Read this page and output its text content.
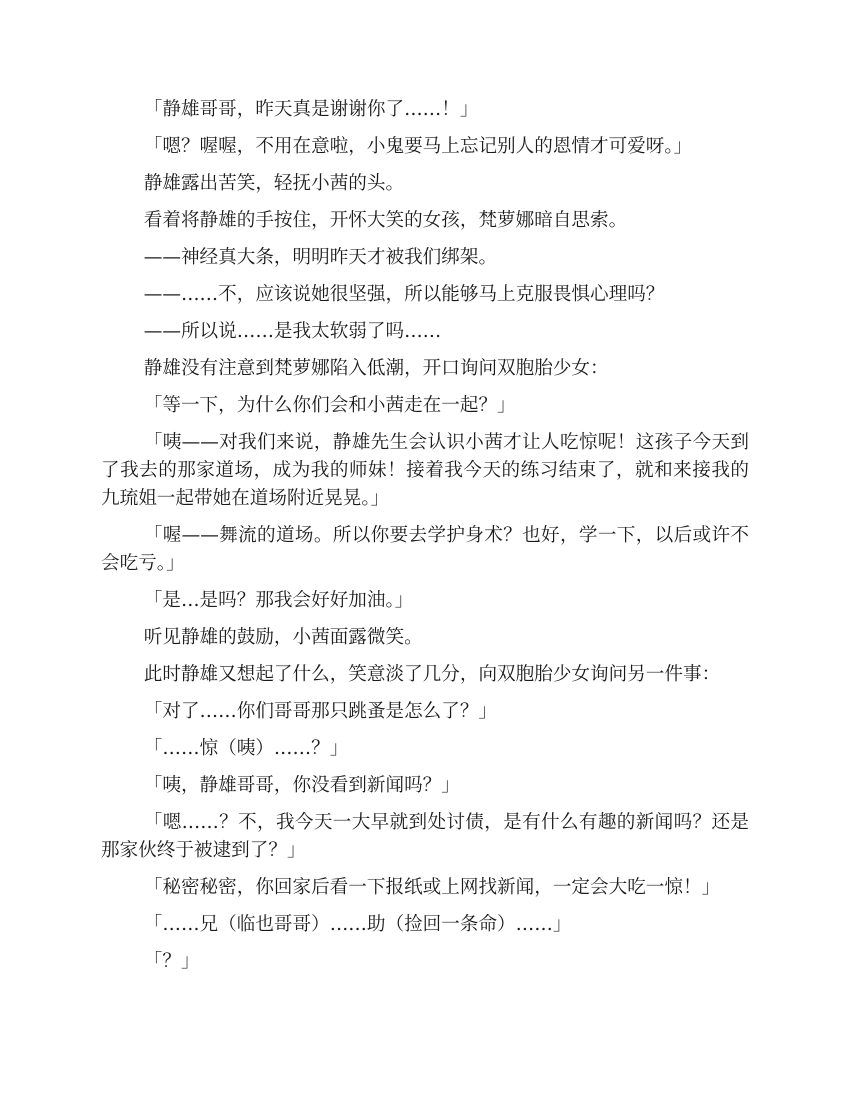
「静雄哥哥，昨天真是谢谢你了……！」

「嗯？喔喔，不用在意啦，小鬼要马上忘记别人的恩情才可爱呀。」

静雄露出苦笑，轻抚小茜的头。

看着将静雄的手按住，开怀大笑的女孩，梵萝娜暗自思索。

——神经真大条，明明昨天才被我们绑架。

——……不，应该说她很坚强，所以能够马上克服畏惧心理吗？

——所以说……是我太软弱了吗……

静雄没有注意到梵萝娜陷入低潮，开口询问双胞胎少女：

「等一下，为什么你们会和小茜走在一起？」

「咦——对我们来说，静雄先生会认识小茜才让人吃惊呢！这孩子今天到了我去的那家道场，成为我的师妹！接着我今天的练习结束了，就和来接我的九琉姐一起带她在道场附近晃晃。」

「喔——舞流的道场。所以你要去学护身术？也好，学一下，以后或许不会吃亏。」

「是…是吗？那我会好好加油。」

听见静雄的鼓励，小茜面露微笑。

此时静雄又想起了什么，笑意淡了几分，向双胞胎少女询问另一件事：

「对了……你们哥哥那只跳蚤是怎么了？」

「……惊（咦）……？」

「咦，静雄哥哥，你没看到新闻吗？」

「嗯……？不，我今天一大早就到处讨债，是有什么有趣的新闻吗？还是那家伙终于被逮到了？」

「秘密秘密，你回家后看一下报纸或上网找新闻，一定会大吃一惊！」

「……兄（临也哥哥）……助（捡回一条命）……」

「？」
